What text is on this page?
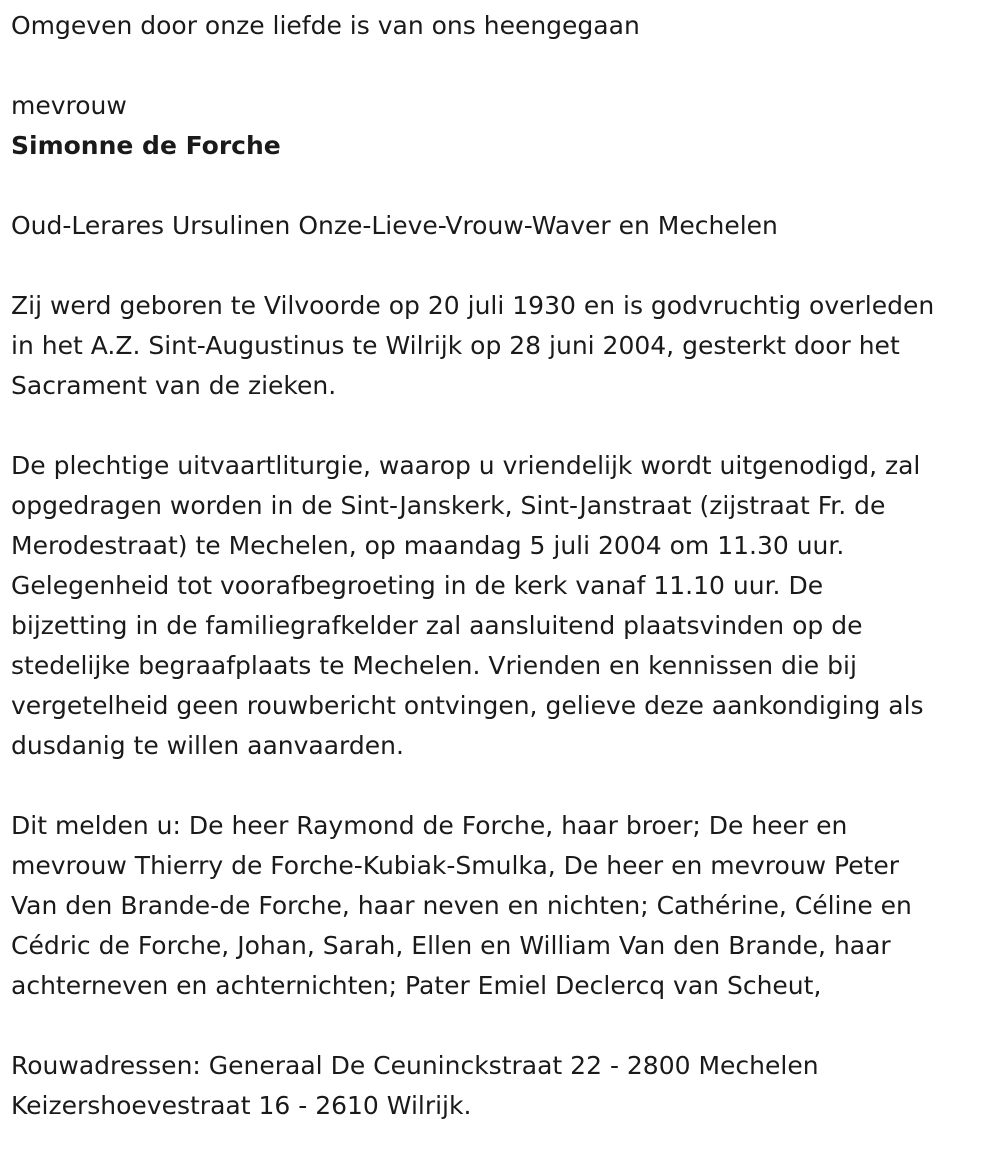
Omgeven door onze liefde is van ons heengegaan
mevrouw
Simonne de Forche
Oud-Lerares Ursulinen Onze-Lieve-Vrouw-Waver en Mechelen
Zij werd geboren te Vilvoorde op 20 juli 1930 en is godvruchtig overleden
in het A.Z. Sint-Augustinus te Wilrijk op 28 juni 2004, gesterkt door het
Sacrament van de zieken.
De plechtige uitvaartliturgie, waarop u vriendelijk wordt uitgenodigd, zal
opgedragen worden in de Sint-Janskerk, Sint-Janstraat (zijstraat Fr. de
Merodestraat) te Mechelen, op maandag 5 juli 2004 om 11.30 uur.
Gelegenheid tot voorafbegroeting in de kerk vanaf 11.10 uur. De
bijzetting in de familiegrafkelder zal aansluitend plaatsvinden op de
stedelijke begraafplaats te Mechelen. Vrienden en kennissen die bij
vergetelheid geen rouwbericht ontvingen, gelieve deze aankondiging als
dusdanig te willen aanvaarden.
Dit melden u: De heer Raymond de Forche, haar broer; De heer en
mevrouw Thierry de Forche-Kubiak-Smulka, De heer en mevrouw Peter
Van den Brande-de Forche, haar neven en nichten; Cathérine, Céline en
Cédric de Forche, Johan, Sarah, Ellen en William Van den Brande, haar
achterneven en achternichten; Pater Emiel Declercq van Scheut,
Rouwadressen: Generaal De Ceuninckstraat 22 - 2800 Mechelen
Keizershoevestraat 16 - 2610 Wilrijk.
